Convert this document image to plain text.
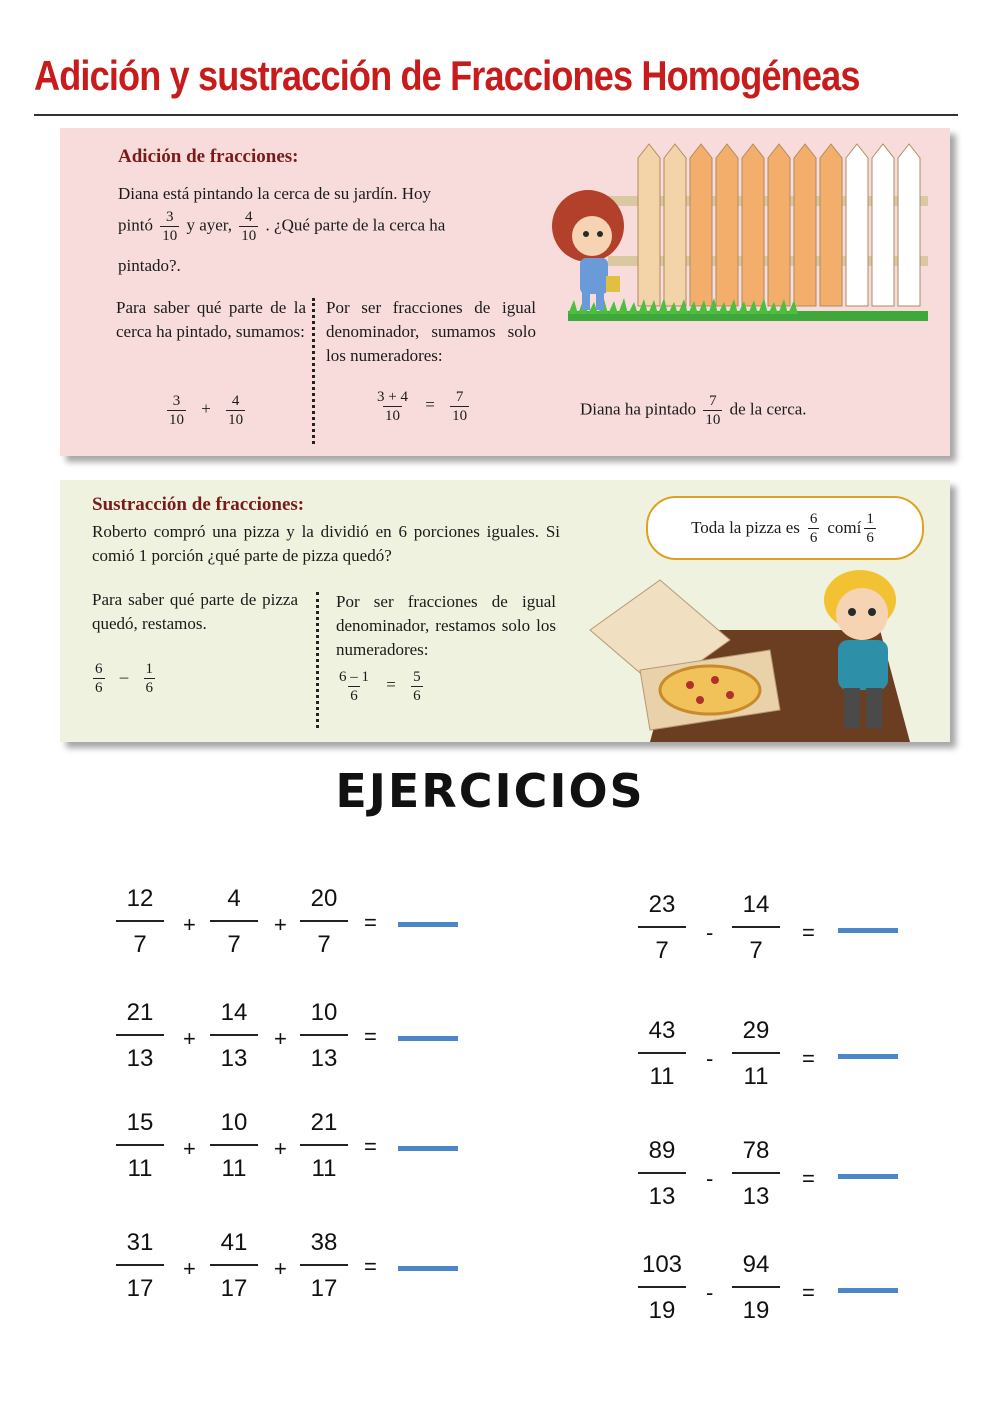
Adición y sustracción de Fracciones Homogéneas
Adición de fracciones:
Diana está pintando la cerca de su jardín. Hoy
pintó $\frac{3}{10}$ y ayer, $\frac{4}{10}$ . ¿Qué parte de la cerca ha
pintado?.
Para saber qué parte de la cerca ha pintado, sumamos:
Por ser fracciones de igual denominador, sumamos solo los numeradores:
$\frac{3}{10} + \frac{4}{10}$	$\frac{3 + 4}{10} = \frac{7}{10}$	Diana ha pintado $\frac{7}{10}$ de la cerca.
Sustracción de fracciones:
Roberto compró una pizza y la dividió en 6 porciones iguales. Si comió 1 porción ¿qué parte de pizza quedó?
Para saber qué parte de pizza quedó, restamos.
Por ser fracciones de igual denominador, restamos solo los numeradores:
$\frac{6}{6} - \frac{1}{6}$	$\frac{6 - 1}{6} = \frac{5}{6}$
Toda la pizza es $\frac{6}{6}$ comí $\frac{1}{6}$
EJERCICIOS
12
7
+
4
7
+
20
7
=
21
13
+
14
13
+
10
13
=
15
11
+
10
11
+
21
11
=
31
17
+
41
17
+
38
17
=
23
7
-
14
7
=
43
11
-
29
11
=
89
13
-
78
13
=
103
19
-
94
19
=
